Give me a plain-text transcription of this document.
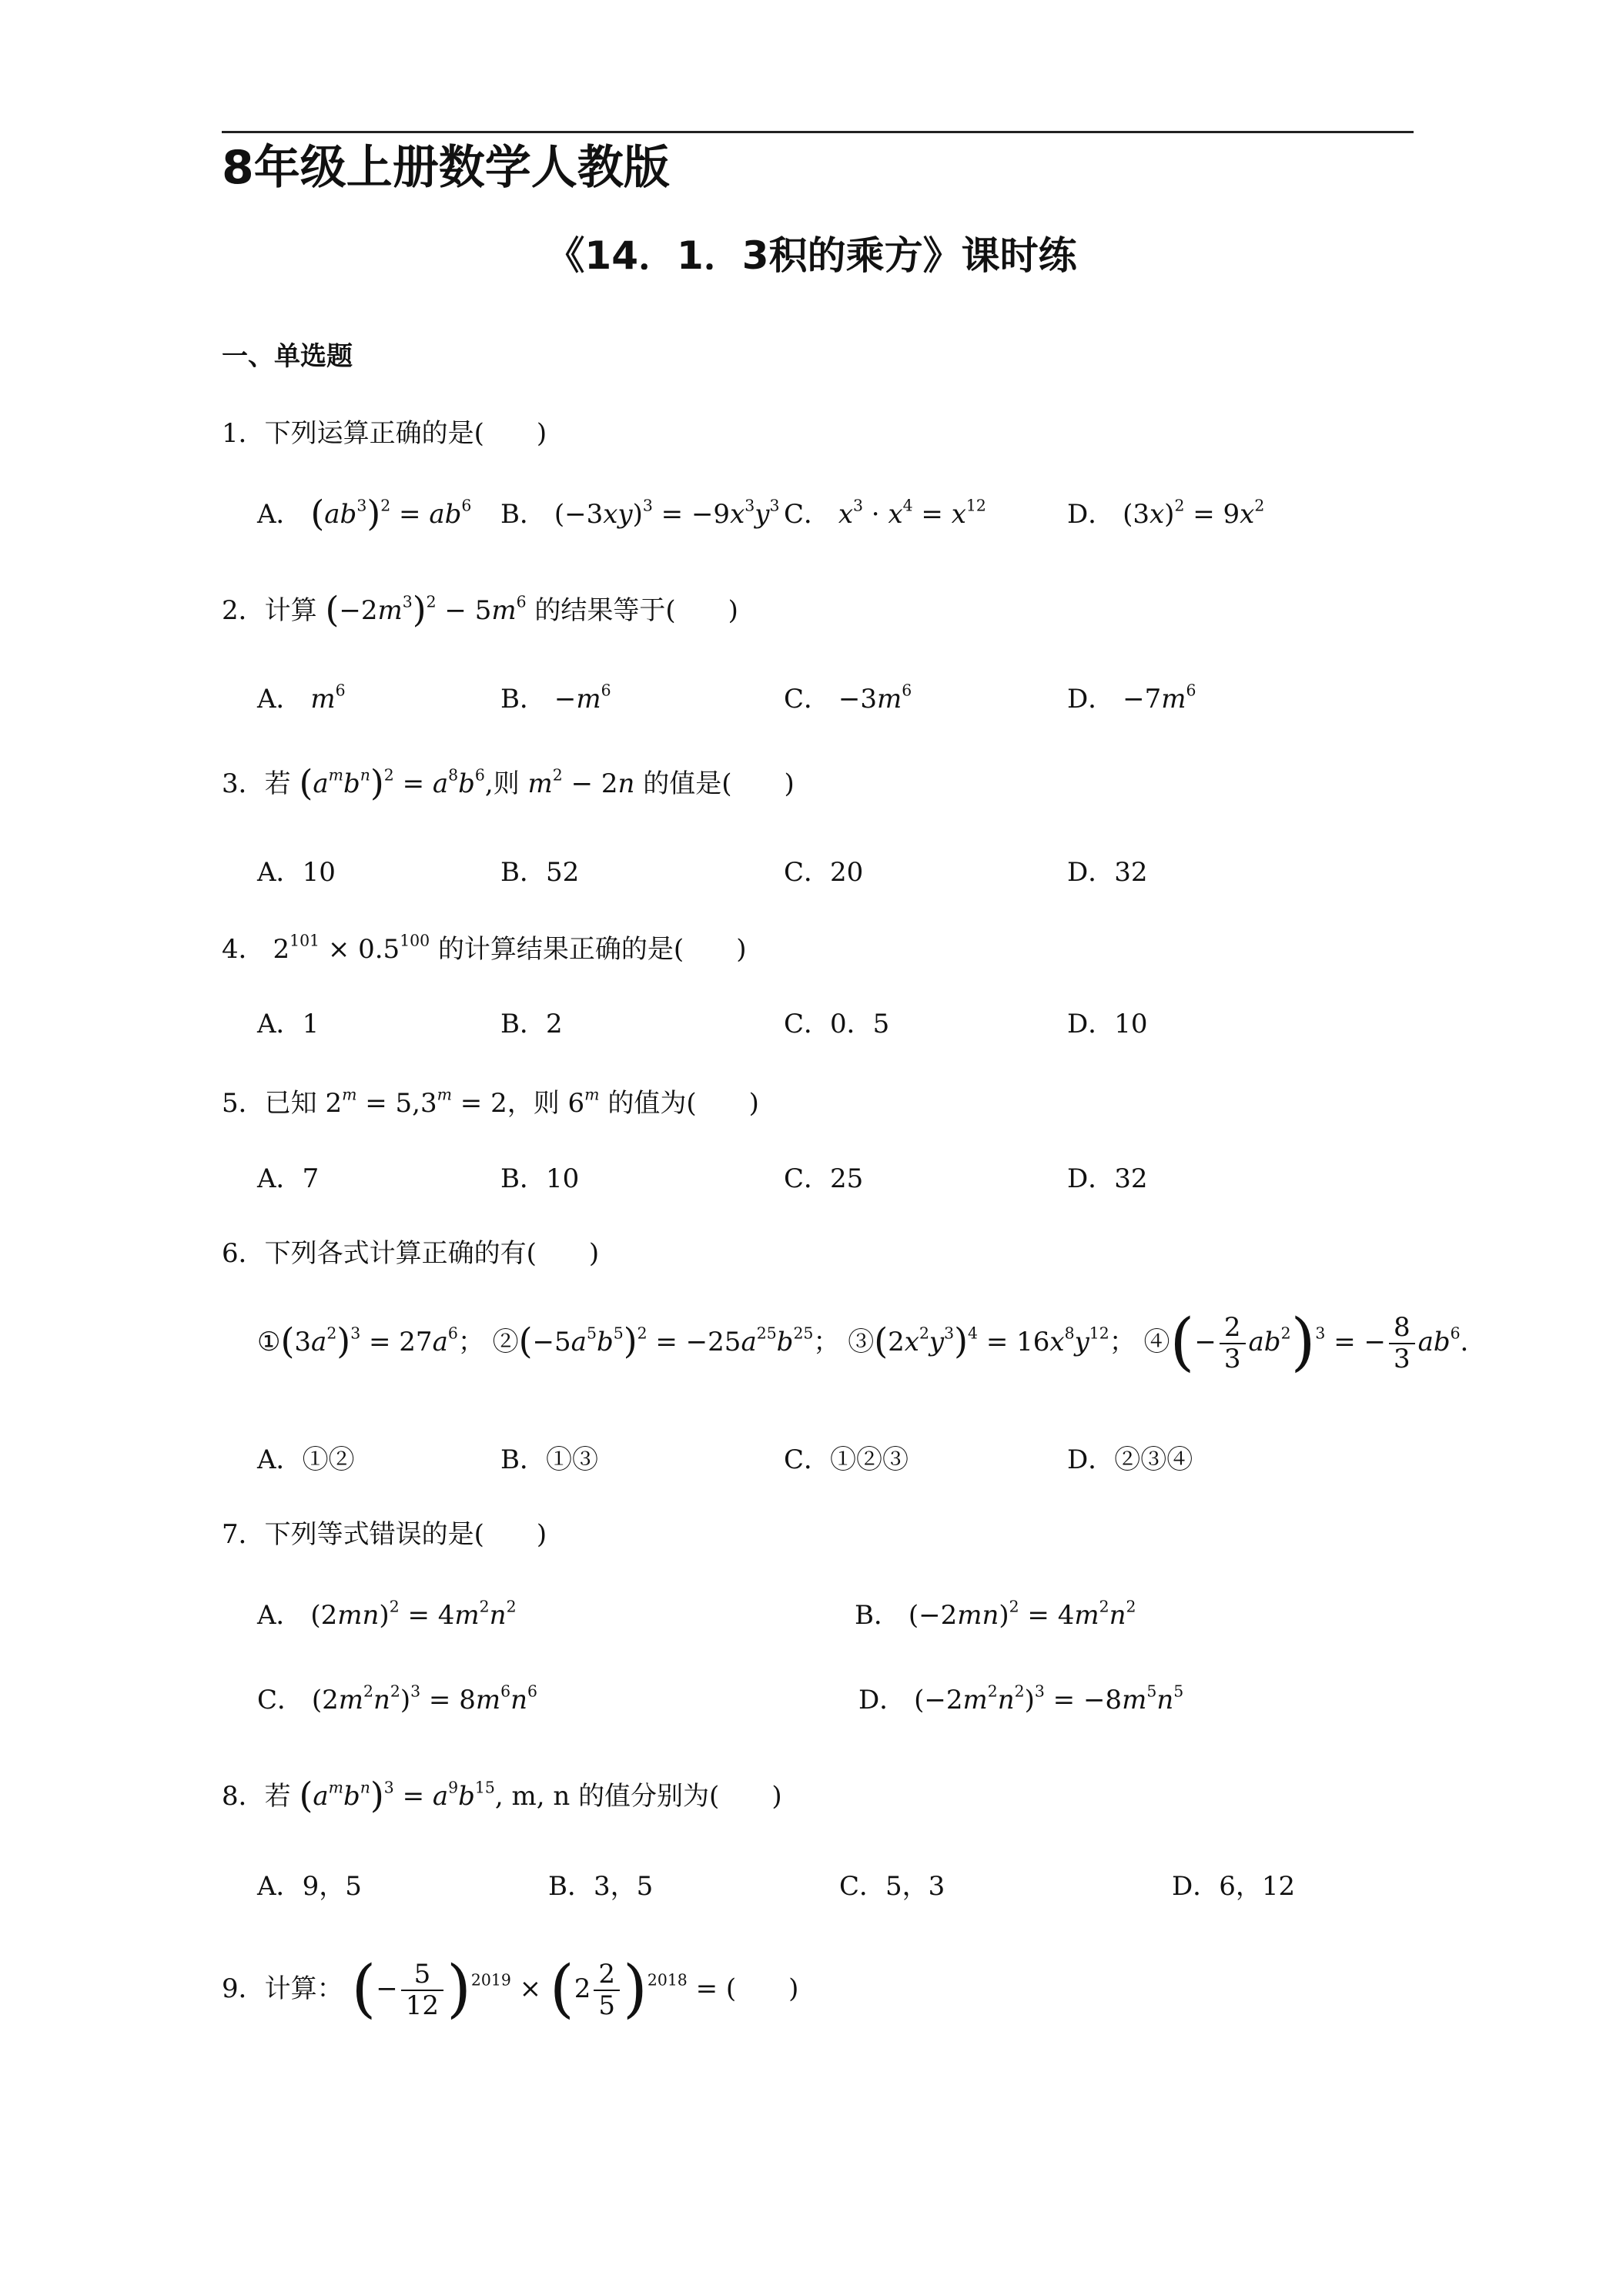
8年级上册数学人教版
《14．1．3积的乘方》课时练
一、单选题
1．下列运算正确的是(　　)
A． $(ab^3)^2 = ab^6$ B． $(-3xy)^3 = -9x^3y^3$ C． $x^3 \cdot x^4 = x^{12}$	D． $(3x)^2 = 9x^2$
2．计算 $(-2m^3)^2 - 5m^6$ 的结果等于(　　)
A． $m^6$	B． $-m^6$	C． $-3m^6$	D． $-7m^6$
3．若 $(a^mb^n)^2 = a^8b^6$,则 $m^2 - 2n$ 的值是(　　)
A．10	B．52	C．20	D．32
4． $2^{101} \times 0.5^{100}$ 的计算结果正确的是(　　)
A．1	B．2	C．0．5	D．10
5．已知 $2^m = 5,3^m = 2$，则 6$^m$ 的值为(　　)
A．7	B．10	C．25	D．32
6．下列各式计算正确的有(　　)
$①(3a^2)^3 = 27a^6$； $②(-5a^5b^5)^2 = -25a^{25}b^{25}$； $③(2x^2y^3)^4 = 16x^8y^{12}$； ④(− $\frac{2}{3} ab^2)^3$ = − $\frac{8}{3} ab^6$．
A．①②	B．①③	C．①②③	D．②③④
7．下列等式错误的是(　　)
A． $(2mn)^2 = 4m^2n^2$	B． $(-2mn)^2 = 4m^2n^2$
C． $(2m^2n^2)^3 = 8m^6n^6$	D． $(-2m^2n^2)^3 = -8m^5n^5$
8．若 $(a^mb^n)^3 = a^9b^{15}$, m, n 的值分别为(　　)
A．9，5	B．3，5	C．5，3	D．6，12
9．计算： (− $\frac{5}{12} )^{2019} \times (2 \frac{2}{5} )^{2018}$ = (　　)
